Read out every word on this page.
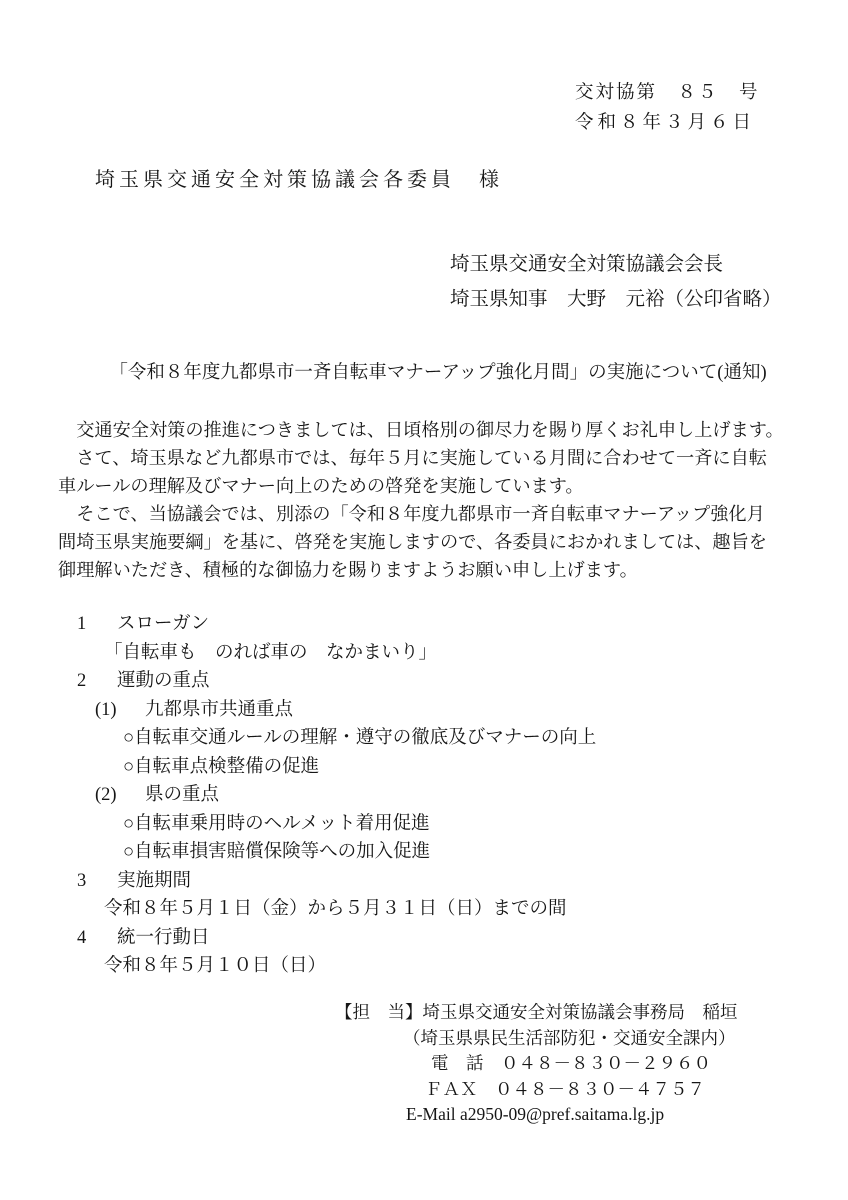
交対協第　８５　号
令和８年３月６日
埼玉県交通安全対策協議会各委員　様
埼玉県交通安全対策協議会会長
埼玉県知事　大野　元裕（公印省略）
「令和８年度九都県市一斉自転車マナーアップ強化月間」の実施について(通知)
　交通安全対策の推進につきましては、日頃格別の御尽力を賜り厚くお礼申し上げます。
　さて、埼玉県など九都県市では、毎年５月に実施している月間に合わせて一斉に自転
車ルールの理解及びマナー向上のための啓発を実施しています。
　そこで、当協議会では、別添の「令和８年度九都県市一斉自転車マナーアップ強化月
間埼玉県実施要綱」を基に、啓発を実施しますので、各委員におかれましては、趣旨を
御理解いただき、積極的な御協力を賜りますようお願い申し上げます。
1 スローガン
「自転車も　のれば車の　なかまいり」
2 運動の重点
(1) 九都県市共通重点
○自転車交通ルールの理解・遵守の徹底及びマナーの向上
○自転車点検整備の促進
(2) 県の重点
○自転車乗用時のヘルメット着用促進
○自転車損害賠償保険等への加入促進
3 実施期間
令和８年５月１日（金）から５月３１日（日）までの間
4 統一行動日
令和８年５月１０日（日）
【担　当】埼玉県交通安全対策協議会事務局　稲垣
（埼玉県県民生活部防犯・交通安全課内）
電　話　０４８－８３０－２９６０
ＦＡＸ　０４８－８３０－４７５７
E-Mail a2950-09@pref.saitama.lg.jp
